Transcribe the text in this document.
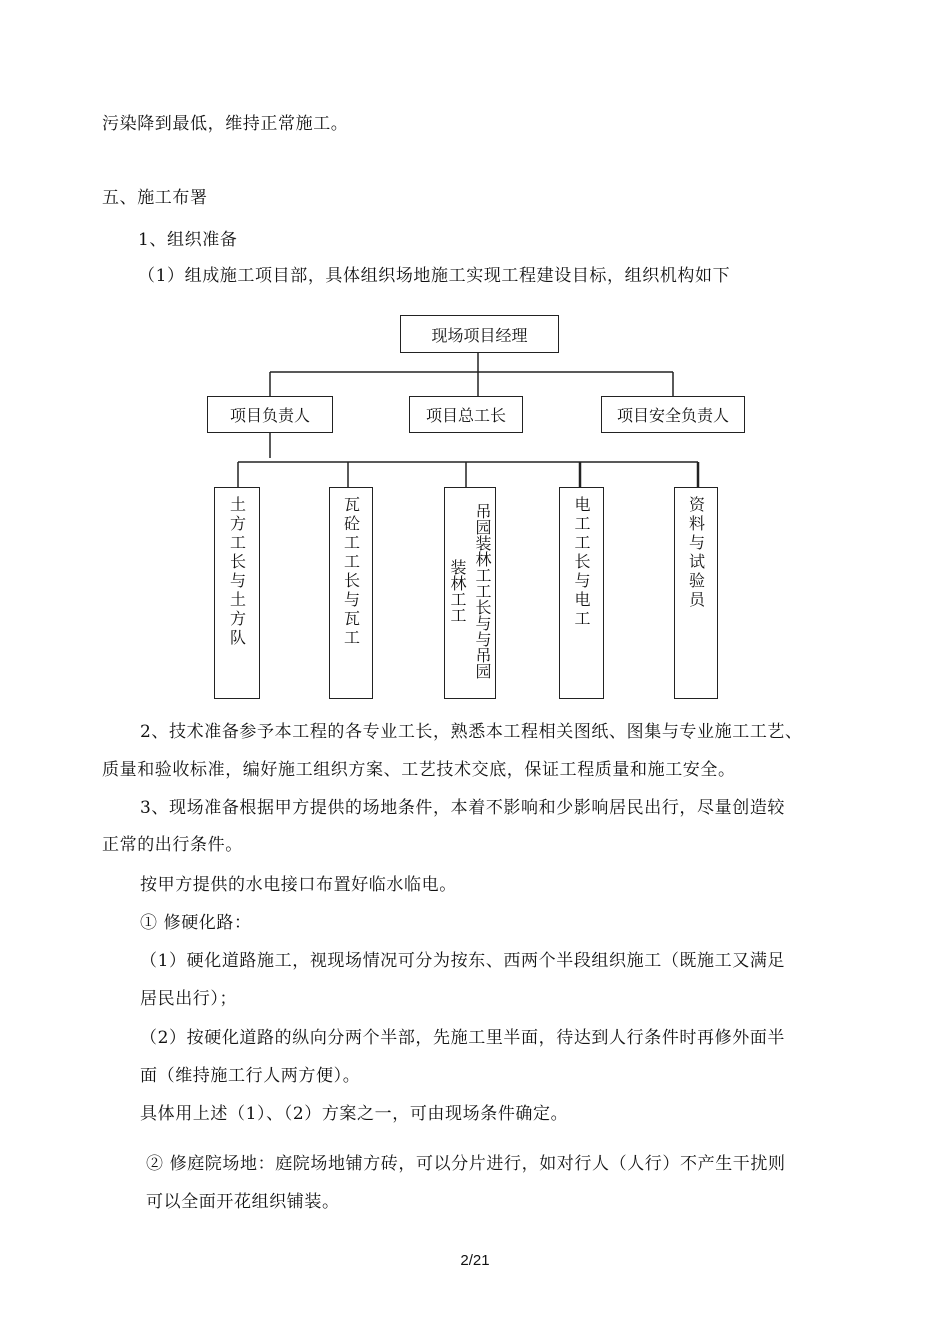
污染降到最低，维持正常施工。
五、施工布署
1、组织准备
（1）组成施工项目部，具体组织场地施工实现工程建设目标，组织机构如下
现场项目经理
项目负责人	项目总工长	项目安全负责人
土方工长与土方队	瓦砼工工长与瓦工	吊园装林工工长与与吊园装林工工	电工工长与电工	资料与试验员
2、技术准备参予本工程的各专业工长，熟悉本工程相关图纸、图集与专业施工工艺、
质量和验收标准，编好施工组织方案、工艺技术交底，保证工程质量和施工安全。
3、现场准备根据甲方提供的场地条件，本着不影响和少影响居民出行，尽量创造较
正常的出行条件。
按甲方提供的水电接口布置好临水临电。
① 修硬化路：
（1）硬化道路施工，视现场情况可分为按东、西两个半段组织施工（既施工又满足
居民出行）；
（2）按硬化道路的纵向分两个半部，先施工里半面，待达到人行条件时再修外面半
面（维持施工行人两方便）。
具体用上述（1）、（2）方案之一，可由现场条件确定。
② 修庭院场地：庭院场地铺方砖，可以分片进行，如对行人（人行）不产生干扰则
可以全面开花组织铺装。
2/21
